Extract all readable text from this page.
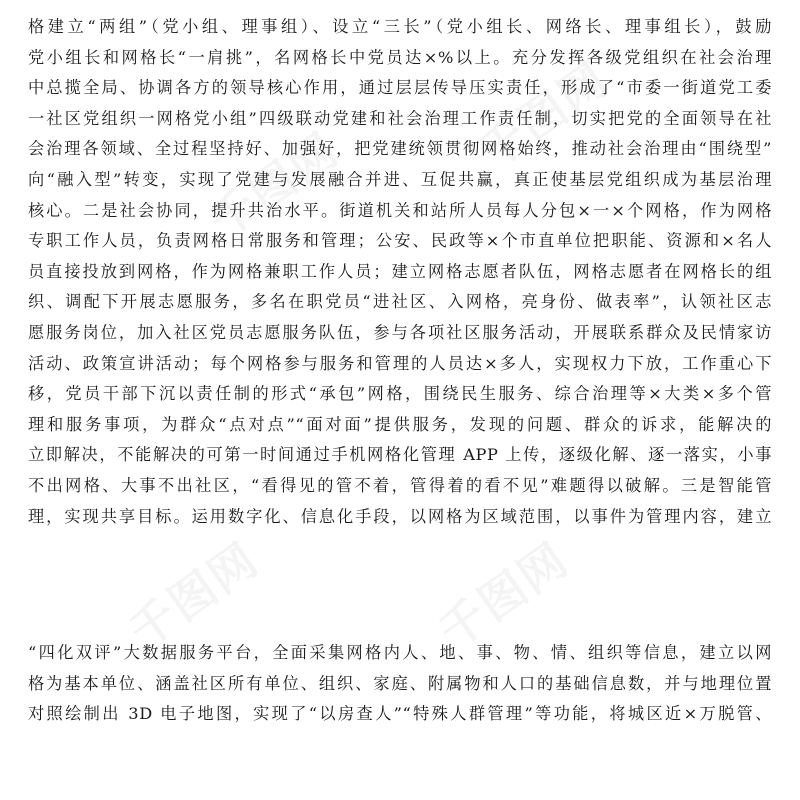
千图网
千图网
千图网	千图网
格建立“两组”（党小组、理事组）、设立“三长”（党小组长、网络长、理事组长），鼓励
党小组长和网格长“一肩挑”，名网格长中党员达×%以上。充分发挥各级党组织在社会治理
中总揽全局、协调各方的领导核心作用，通过层层传导压实责任，形成了“市委一街道党工委
一社区党组织一网格党小组”四级联动党建和社会治理工作责任制，切实把党的全面领导在社
会治理各领域、全过程坚持好、加强好，把党建统领贯彻网格始终，推动社会治理由“围绕型”
向“融入型”转变，实现了党建与发展融合并进、互促共赢，真正使基层党组织成为基层治理
核心。二是社会协同，提升共治水平。街道机关和站所人员每人分包×一×个网格，作为网格
专职工作人员，负责网格日常服务和管理；公安、民政等×个市直单位把职能、资源和×名人
员直接投放到网格，作为网格兼职工作人员；建立网格志愿者队伍，网格志愿者在网格长的组
织、调配下开展志愿服务，多名在职党员“进社区、入网格，亮身份、做表率”，认领社区志
愿服务岗位，加入社区党员志愿服务队伍，参与各项社区服务活动，开展联系群众及民情家访
活动、政策宣讲活动；每个网格参与服务和管理的人员达×多人，实现权力下放，工作重心下
移，党员干部下沉以责任制的形式“承包”网格，围绕民生服务、综合治理等×大类×多个管
理和服务事项，为群众“点对点”“面对面”提供服务，发现的问题、群众的诉求，能解决的
立即解决，不能解决的可第一时间通过手机网格化管理 APP 上传，逐级化解、逐一落实，小事
不出网格、大事不出社区，“看得见的管不着，管得着的看不见”难题得以破解。三是智能管
理，实现共享目标。运用数字化、信息化手段，以网格为区域范围，以事件为管理内容，建立
“四化双评”大数据服务平台，全面采集网格内人、地、事、物、情、组织等信息，建立以网
格为基本单位、涵盖社区所有单位、组织、家庭、附属物和人口的基础信息数，并与地理位置
对照绘制出 3D 电子地图，实现了“以房查人”“特殊人群管理”等功能，将城区近×万脱管、
